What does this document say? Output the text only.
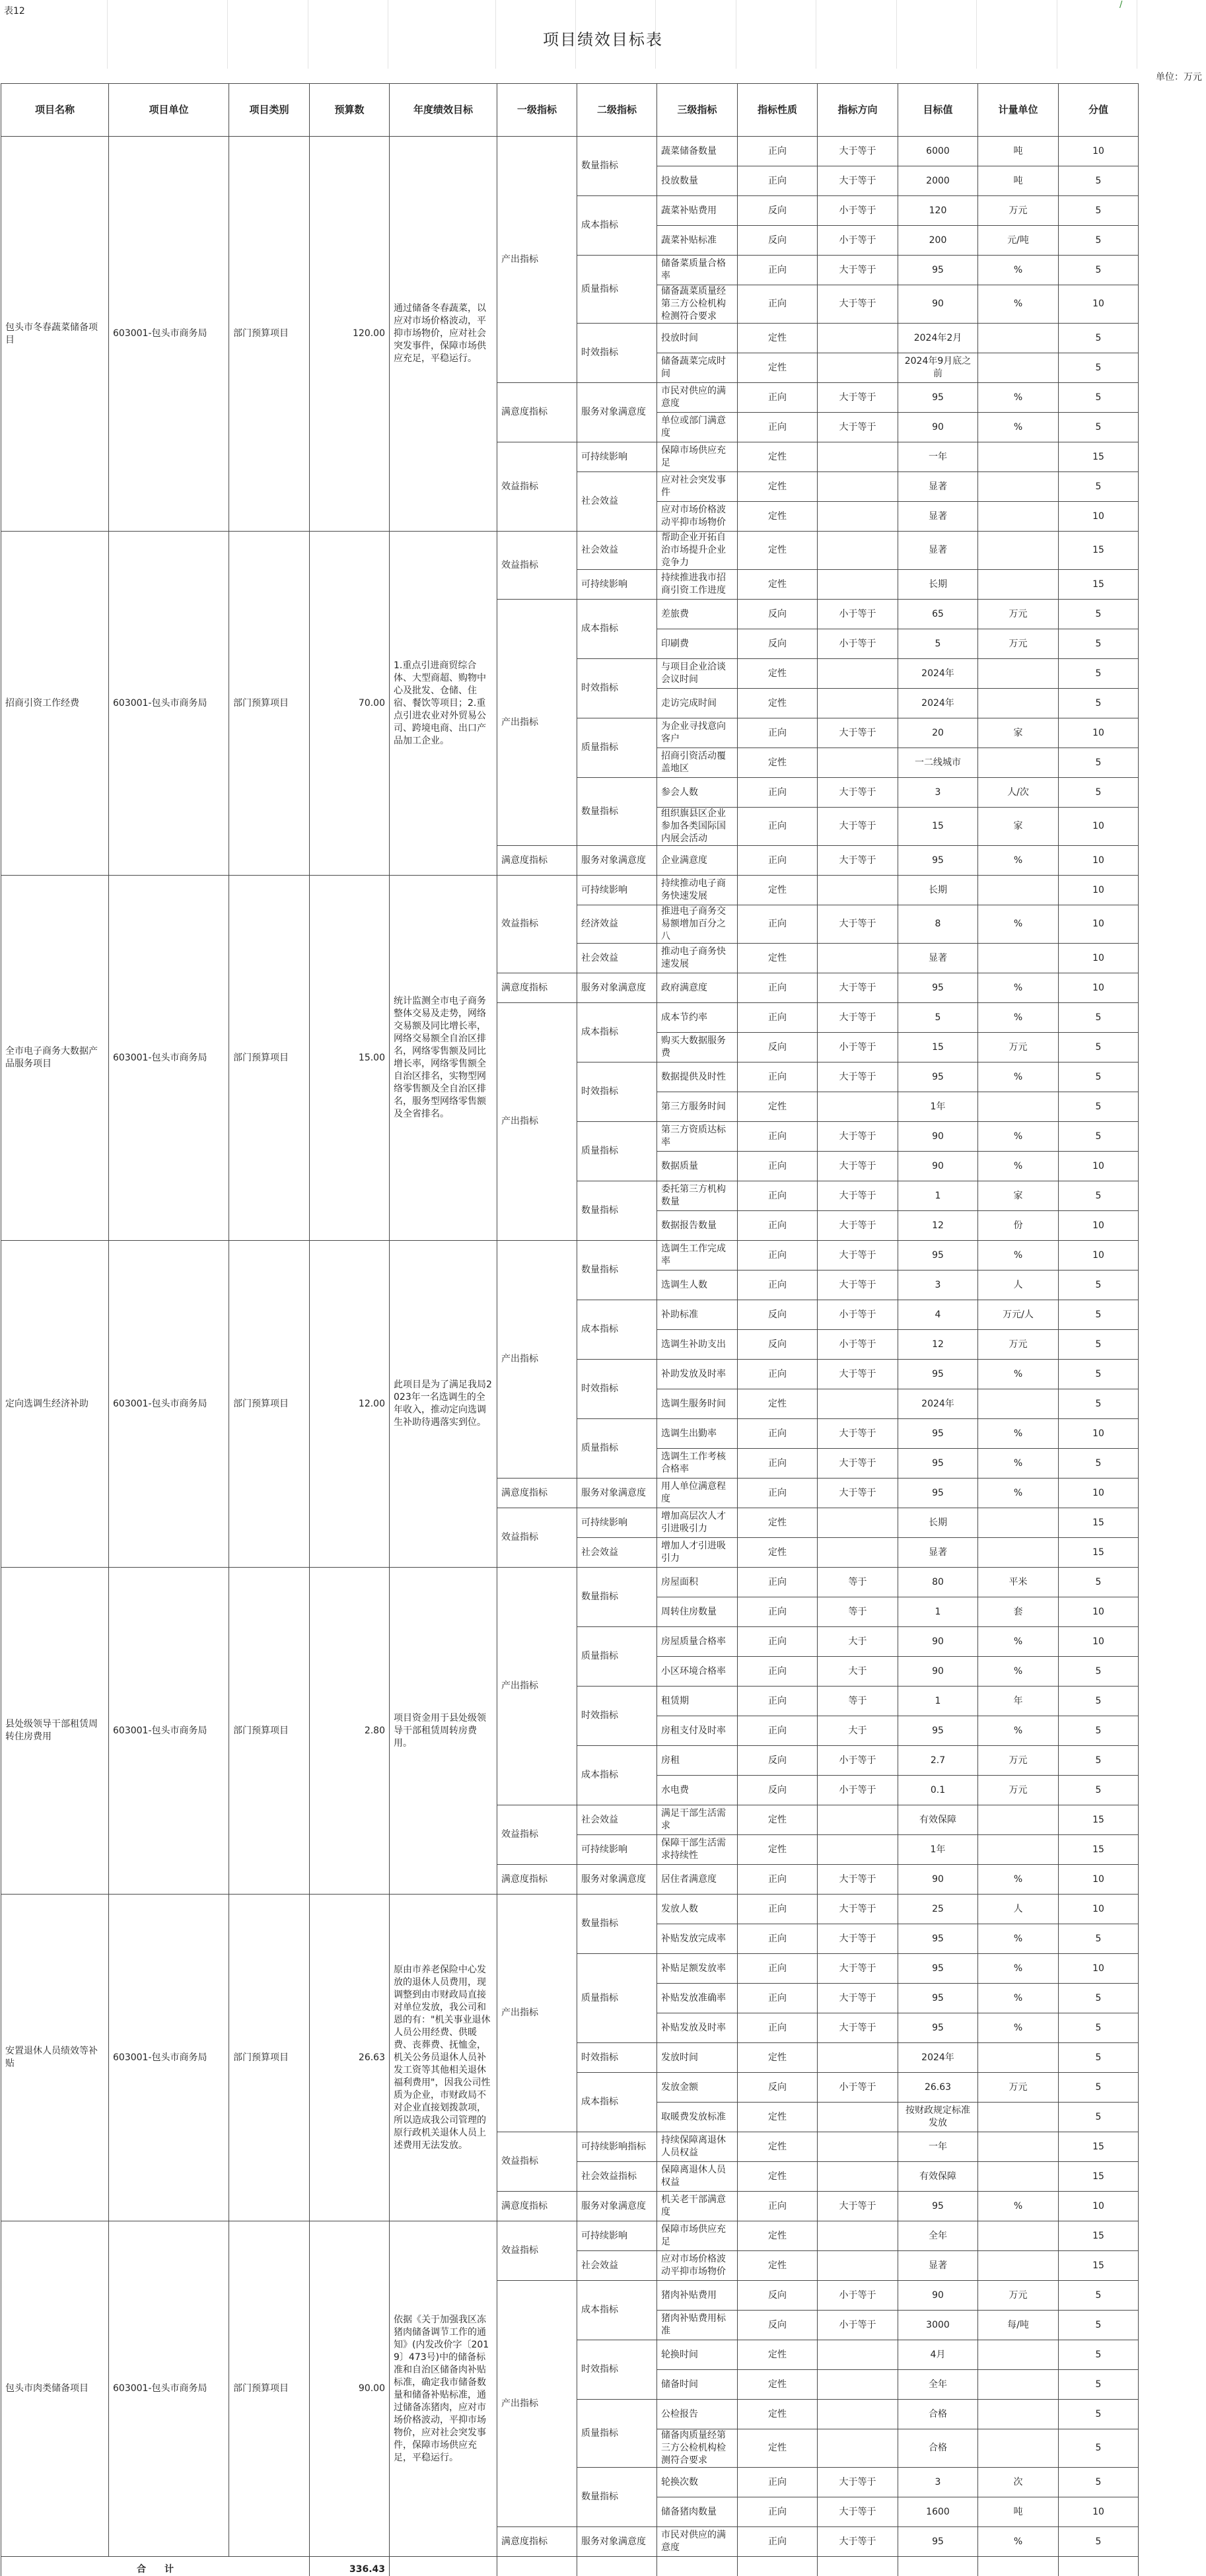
表12
/
项目绩效目标表
单位：万元
项目名称	项目单位	项目类别	预算数	年度绩效目标	一级指标	二级指标	三级指标	指标性质	指标方向	目标值	计量单位	分值
包头市冬春蔬菜储备项目	603001-包头市商务局	部门预算项目	120.00	通过储备冬春蔬菜，以应对市场价格波动，平抑市场物价，应对社会突发事件，保障市场供应充足，平稳运行。	产出指标	数量指标	蔬菜储备数量	正向	大于等于	6000	吨	10
							投放数量	正向	大于等于	2000	吨	5
						成本指标	蔬菜补贴费用	反向	小于等于	120	万元	5
							蔬菜补贴标准	反向	小于等于	200	元/吨	5
						质量指标	储备菜质量合格率	正向	大于等于	95	%	5
							储备蔬菜质量经第三方公检机构检测符合要求	正向	大于等于	90	%	10
						时效指标	投放时间	定性		2024年2月		5
							储备蔬菜完成时间	定性		2024年9月底之前		5
					满意度指标	服务对象满意度	市民对供应的满意度	正向	大于等于	95	%	5
							单位或部门满意度	正向	大于等于	90	%	5
					效益指标	可持续影响	保障市场供应充足	定性		一年		15
						社会效益	应对社会突发事件	定性		显著		5
							应对市场价格波动平抑市场物价	定性		显著		10
招商引资工作经费	603001-包头市商务局	部门预算项目	70.00	1.重点引进商贸综合体、大型商超、购物中心及批发、仓储、住宿、餐饮等项目；2.重点引进农业对外贸易公司、跨境电商、出口产品加工企业。	效益指标	社会效益	帮助企业开拓自治市场提升企业竞争力	定性		显著		15
						可持续影响	持续推进我市招商引资工作进度	定性		长期		15
					产出指标	成本指标	差旅费	反向	小于等于	65	万元	5
							印刷费	反向	小于等于	5	万元	5
						时效指标	与项目企业洽谈会议时间	定性		2024年		5
							走访完成时间	定性		2024年		5
						质量指标	为企业寻找意向客户	正向	大于等于	20	家	10
							招商引资活动覆盖地区	定性		一二线城市		5
						数量指标	参会人数	正向	大于等于	3	人/次	5
							组织旗县区企业参加各类国际国内展会活动	正向	大于等于	15	家	10
					满意度指标	服务对象满意度	企业满意度	正向	大于等于	95	%	10
全市电子商务大数据产品服务项目	603001-包头市商务局	部门预算项目	15.00	统计监测全市电子商务整体交易及走势，网络交易额及同比增长率，网络交易额全自治区排名，网络零售额及同比增长率，网络零售额全自治区排名，实物型网络零售额及全自治区排名，服务型网络零售额及全省排名。	效益指标	可持续影响	持续推动电子商务快速发展	定性		长期		10
						经济效益	推进电子商务交易额增加百分之八	正向	大于等于	8	%	10
						社会效益	推动电子商务快速发展	定性		显著		10
					满意度指标	服务对象满意度	政府满意度	正向	大于等于	95	%	10
					产出指标	成本指标	成本节约率	正向	大于等于	5	%	5
							购买大数据服务费	反向	小于等于	15	万元	5
						时效指标	数据提供及时性	正向	大于等于	95	%	5
							第三方服务时间	定性		1年		5
						质量指标	第三方资质达标率	正向	大于等于	90	%	5
							数据质量	正向	大于等于	90	%	10
						数量指标	委托第三方机构数量	正向	大于等于	1	家	5
							数据报告数量	正向	大于等于	12	份	10
定向选调生经济补助	603001-包头市商务局	部门预算项目	12.00	此项目是为了满足我局2023年一名选调生的全年收入，推动定向选调生补助待遇落实到位。	产出指标	数量指标	选调生工作完成率	正向	大于等于	95	%	10
							选调生人数	正向	大于等于	3	人	5
						成本指标	补助标准	反向	小于等于	4	万元/人	5
							选调生补助支出	反向	小于等于	12	万元	5
						时效指标	补助发放及时率	正向	大于等于	95	%	5
							选调生服务时间	定性		2024年		5
						质量指标	选调生出勤率	正向	大于等于	95	%	10
							选调生工作考核合格率	正向	大于等于	95	%	5
					满意度指标	服务对象满意度	用人单位满意程度	正向	大于等于	95	%	10
					效益指标	可持续影响	增加高层次人才引进吸引力	定性		长期		15
						社会效益	增加人才引进吸引力	定性		显著		15
县处级领导干部租赁周转住房费用	603001-包头市商务局	部门预算项目	2.80	项目资金用于县处级领导干部租赁周转房费用。	产出指标	数量指标	房屋面积	正向	等于	80	平米	5
							周转住房数量	正向	等于	1	套	10
						质量指标	房屋质量合格率	正向	大于	90	%	10
							小区环境合格率	正向	大于	90	%	5
						时效指标	租赁期	正向	等于	1	年	5
							房租支付及时率	正向	大于	95	%	5
						成本指标	房租	反向	小于等于	2.7	万元	5
							水电费	反向	小于等于	0.1	万元	5
					效益指标	社会效益	满足干部生活需求	定性		有效保障		15
						可持续影响	保障干部生活需求持续性	定性		1年		15
					满意度指标	服务对象满意度	居住者满意度	正向	大于等于	90	%	10
安置退休人员绩效等补贴	603001-包头市商务局	部门预算项目	26.63	原由市养老保险中心发放的退休人员费用，现调整到由市财政局直接对单位发放，我公司和恩的有："机关事业退休人员公用经费、供暖费、丧葬费、抚恤金，机关公务员退休人员补发工资等其他相关退休福利费用"，因我公司性质为企业，市财政局不对企业直接划拨款项，所以造成我公司管理的原行政机关退休人员上述费用无法发放。	产出指标	数量指标	发放人数	正向	大于等于	25	人	10
							补贴发放完成率	正向	大于等于	95	%	5
						质量指标	补贴足额发放率	正向	大于等于	95	%	10
							补贴发放准确率	正向	大于等于	95	%	5
							补贴发放及时率	正向	大于等于	95	%	5
						时效指标	发放时间	定性		2024年		5
						成本指标	发放金额	反向	小于等于	26.63	万元	5
							取暖费发放标准	定性		按财政规定标准发放		5
					效益指标	可持续影响指标	持续保障离退休人员权益	定性		一年		15
						社会效益指标	保障离退休人员权益	定性		有效保障		15
					满意度指标	服务对象满意度	机关老干部满意度	正向	大于等于	95	%	10
包头市肉类储备项目	603001-包头市商务局	部门预算项目	90.00	依据《关于加强我区冻猪肉储备调节工作的通知》(内发改价字〔2019〕473号)中的储备标准和自治区储备肉补贴标准，确定我市储备数量和储备补贴标准，通过储备冻猪肉，应对市场价格波动，平抑市场物价，应对社会突发事件，保障市场供应充足，平稳运行。	效益指标	可持续影响	保障市场供应充足	定性		全年		15
						社会效益	应对市场价格波动平抑市场物价	定性		显著		15
					产出指标	成本指标	猪肉补贴费用	反向	小于等于	90	万元	5
							猪肉补贴费用标准	反向	小于等于	3000	每/吨	5
						时效指标	轮换时间	定性		4月		5
							储备时间	定性		全年		5
						质量指标	公检报告	定性		合格		5
							储备肉质量经第三方公检机构检测符合要求	定性		合格		5
						数量指标	轮换次数	正向	大于等于	3	次	5
							储备猪肉数量	正向	大于等于	1600	吨	10
					满意度指标	服务对象满意度	市民对供应的满意度	正向	大于等于	95	%	5
合　　计			336.43									
